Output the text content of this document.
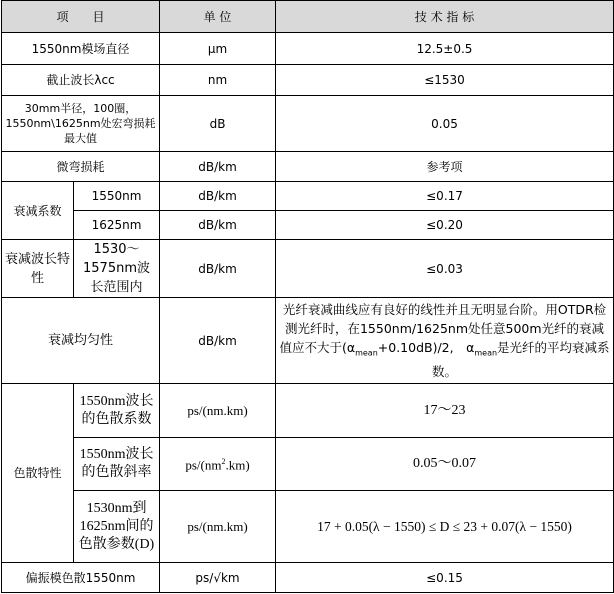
项　　目		单 位	技 术 指 标
1550nm模场直径		μm	12.5±0.5
截止波长λcc		nm	≤1530
30mm半径，100圈，1550nm\1625nm处宏弯损耗最大值		dB	0.05
微弯损耗		dB/km	参考项
衰减系数	1550nm	dB/km	≤0.17
	1625nm	dB/km	≤0.20
衰减波长特性	1530～1575nm波长范围内	dB/km	≤0.03
衰减均匀性		dB/km	光纤衰减曲线应有良好的线性并且无明显台阶。用OTDR检测光纤时，在1550nm/1625nm处任意500m光纤的衰减值应不大于$(\alpha_{mean}+0.10dB)/2$,　$\alpha_{mean}$是光纤的平均衰减系数。
色散特性	1550nm波长的色散系数	ps/(nm.km)	17～23
	1550nm波长的色散斜率	$ps/(nm^2.km)$	0.05～0.07
	1530nm到1625nm间的色散参数(D)	ps/(nm.km)	17 + 0.05(λ − 1550) ≤ D ≤ 23 + 0.07(λ − 1550)
偏振模色散1550nm		ps/√km	≤0.15
